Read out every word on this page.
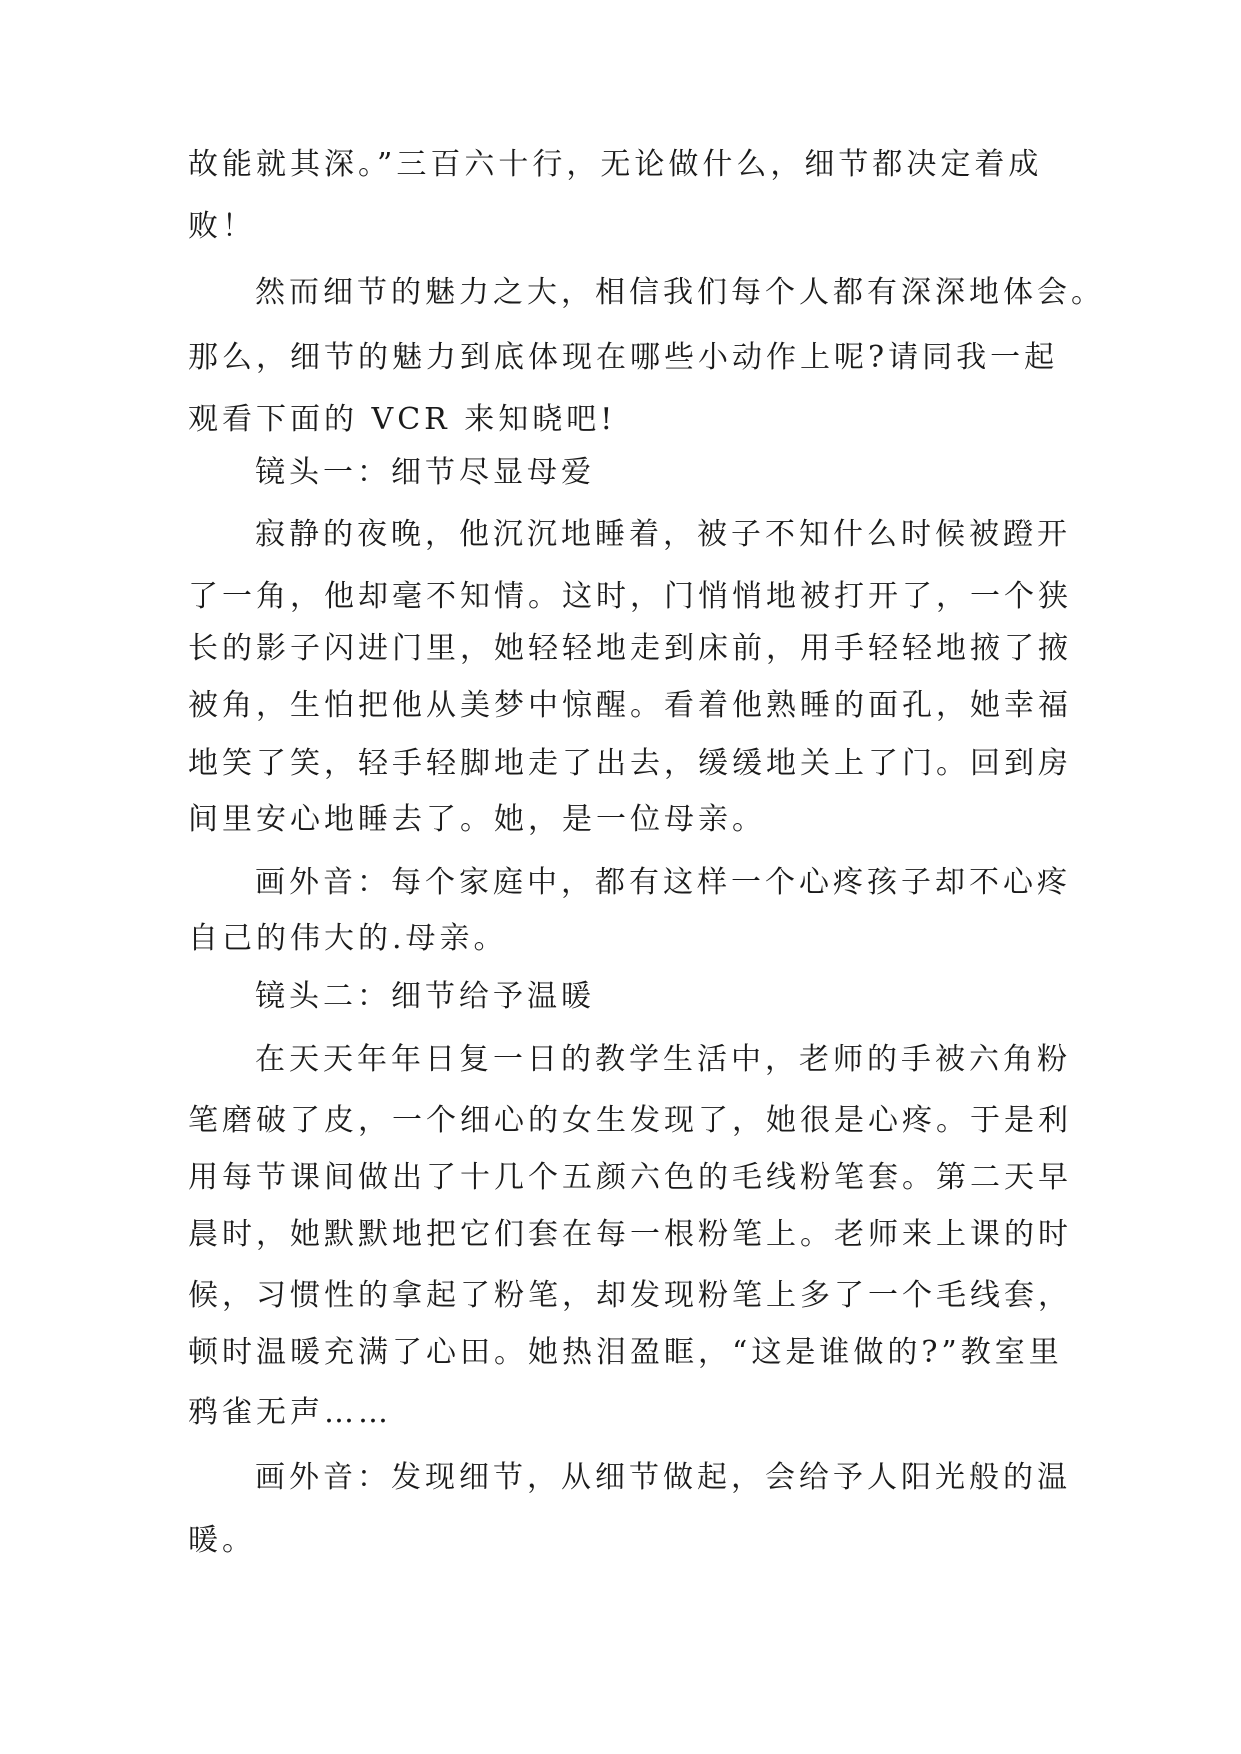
故能就其深。”三百六十行，无论做什么，细节都决定着成
败！
然而细节的魅力之大，相信我们每个人都有深深地体会。
那么，细节的魅力到底体现在哪些小动作上呢?请同我一起
观看下面的 VCR 来知晓吧!
镜头一：细节尽显母爱
寂静的夜晚，他沉沉地睡着，被子不知什么时候被蹬开
了一角，他却毫不知情。这时，门悄悄地被打开了，一个狭
长的影子闪进门里，她轻轻地走到床前，用手轻轻地掖了掖
被角，生怕把他从美梦中惊醒。看着他熟睡的面孔，她幸福
地笑了笑，轻手轻脚地走了出去，缓缓地关上了门。回到房
间里安心地睡去了。她，是一位母亲。
画外音：每个家庭中，都有这样一个心疼孩子却不心疼
自己的伟大的.母亲。
镜头二：细节给予温暖
在天天年年日复一日的教学生活中，老师的手被六角粉
笔磨破了皮，一个细心的女生发现了，她很是心疼。于是利
用每节课间做出了十几个五颜六色的毛线粉笔套。第二天早
晨时，她默默地把它们套在每一根粉笔上。老师来上课的时
候，习惯性的拿起了粉笔，却发现粉笔上多了一个毛线套，
顿时温暖充满了心田。她热泪盈眶，“这是谁做的?”教室里
鸦雀无声……
画外音：发现细节，从细节做起，会给予人阳光般的温
暖。
